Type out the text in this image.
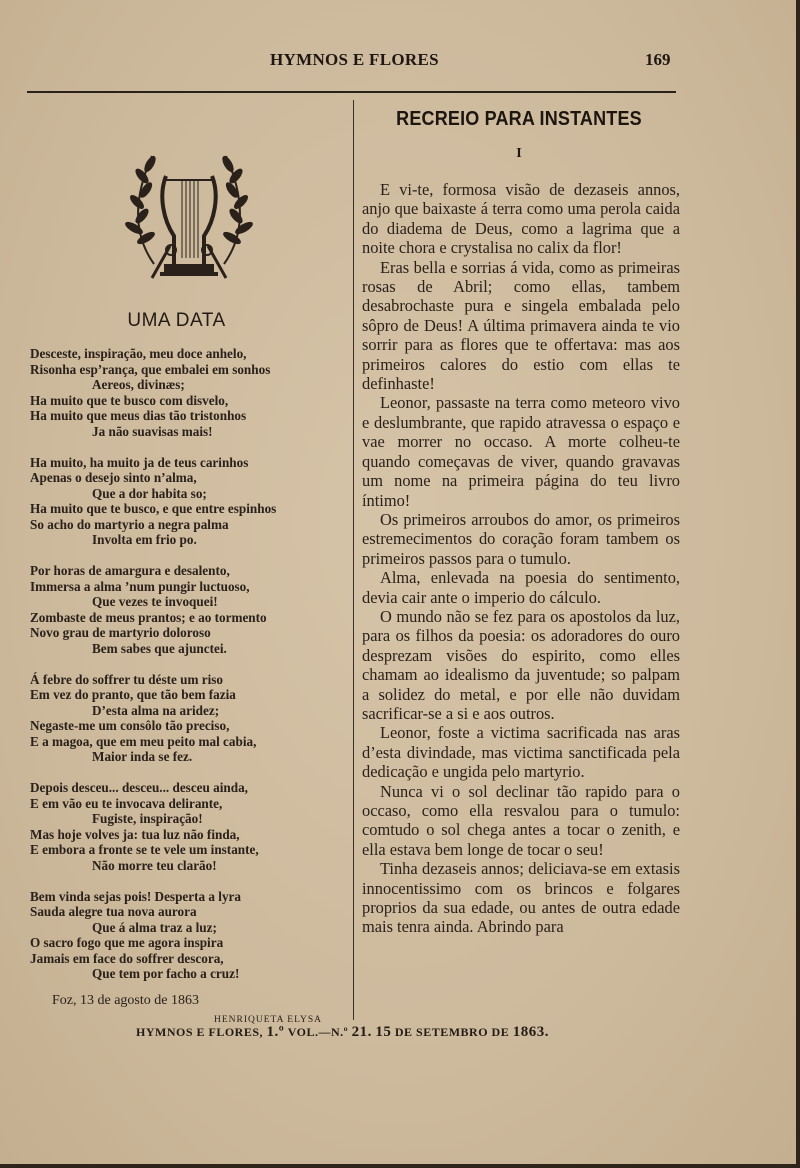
HYMNOS E FLORES	169
UMA DATA
Desceste, inspiração, meu doce anhelo,
Risonha esp’rança, que embalei em sonhos
Aereos, divinæs;
Ha muito que te busco com disvelo,
Ha muito que meus dias tão tristonhos
Ja não suavisas mais!
Ha muito, ha muito ja de teus carinhos
Apenas o desejo sinto n’alma,
Que a dor habita so;
Ha muito que te busco, e que entre espinhos
So acho do martyrio a negra palma
Involta em frio po.
Por horas de amargura e desalento,
Immersa a alma ’num pungir luctuoso,
Que vezes te invoquei!
Zombaste de meus prantos; e ao tormento
Novo grau de martyrio doloroso
Bem sabes que ajunctei.
Á febre do soffrer tu déste um riso
Em vez do pranto, que tão bem fazia
D’esta alma na aridez;
Negaste-me um consôlo tão preciso,
E a magoa, que em meu peito mal cabia,
Maior inda se fez.
Depois desceu... desceu... desceu ainda,
E em vão eu te invocava delirante,
Fugiste, inspiração!
Mas hoje volves ja: tua luz não finda,
E embora a fronte se te vele um instante,
Não morre teu clarão!
Bem vinda sejas pois! Desperta a lyra
Sauda alegre tua nova aurora
Que á alma traz a luz;
O sacro fogo que me agora inspira
Jamais em face do soffrer descora,
Que tem por facho a cruz!
Foz, 13 de agosto de 1863
HENRIQUETA ELYSA
RECREIO PARA INSTANTES
I

E vi-te, formosa visão de dezaseis annos, anjo que baixaste á terra como uma perola caida do diadema de Deus, como a lagrima que a noite chora e crystalisa no calix da flor!

Eras bella e sorrias á vida, como as primeiras rosas de Abril; como ellas, tambem desabrochaste pura e singela embalada pelo sôpro de Deus! A última primavera ainda te vio sorrir para as flores que te offertava: mas aos primeiros calores do estio com ellas te definhaste!

Leonor, passaste na terra como meteoro vivo e deslumbrante, que rapido atravessa o espaço e vae morrer no occaso. A morte colheu-te quando começavas de viver, quando gravavas um nome na primeira página do teu livro íntimo!

Os primeiros arroubos do amor, os primeiros estremecimentos do coração foram tambem os primeiros passos para o tumulo.

Alma, enlevada na poesia do sentimento, devia cair ante o imperio do cálculo.

O mundo não se fez para os apostolos da luz, para os filhos da poesia: os adoradores do ouro desprezam visões do espirito, como elles chamam ao idealismo da juventude; so palpam a solidez do metal, e por elle não duvidam sacrificar-se a si e aos outros.

Leonor, foste a victima sacrificada nas aras d’esta divindade, mas victima sanctificada pela dedicação e ungida pelo martyrio.

Nunca vi o sol declinar tão rapido para o occaso, como ella resvalou para o tumulo: comtudo o sol chega antes a tocar o zenith, e ella estava bem longe de tocar o seu!

Tinha dezaseis annos; deliciava-se em extasis innocentissimo com os brincos e folgares proprios da sua edade, ou antes de outra edade mais tenra ainda. Abrindo para

HYMNOS E FLORES, 1.º VOL.—N.º 21. 15 DE SETEMBRO DE 1863.
